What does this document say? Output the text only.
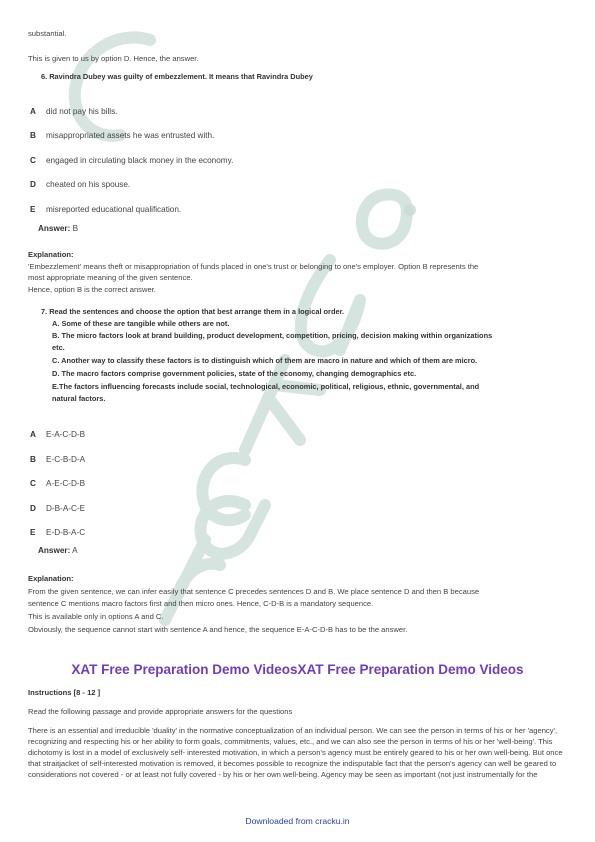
substantial.
This is given to us by option D. Hence, the answer.
6. Ravindra Dubey was guilty of embezzlement. It means that Ravindra Dubey
A did not pay his bills.
B misappropriated assets he was entrusted with.
C engaged in circulating black money in the economy.
D cheated on his spouse.
E misreported educational qualification.
Answer: B
Explanation:
'Embezzlement' means theft or misappropriation of funds placed in one's trust or belonging to one's employer. Option B represents the
most appropriate meaning of the given sentence.
Hence, option B is the correct answer.
7. Read the sentences and choose the option that best arrange them in a logical order.
A. Some of these are tangible while others are not.
B. The micro factors look at brand building, product development, competition, pricing, decision making within organizations
etc.
C. Another way to classify these factors is to distinguish which of them are macro in nature and which of them are micro.
D. The macro factors comprise government policies, state of the economy, changing demographics etc.
E.The factors influencing forecasts include social, technological, economic, political, religious, ethnic, governmental, and
natural factors.
A E-A-C-D-B
B E-C-B-D-A
C A-E-C-D-B
D D-B-A-C-E
E E-D-B-A-C
Answer: A
Explanation:
From the given sentence, we can infer easily that sentence C precedes sentences D and B. We place sentence D and then B because
sentence C mentions macro factors first and then micro ones. Hence, C-D-B is a mandatory sequence.
This is available only in options A and C.
Obviously, the sequence cannot start with sentence A and hence, the sequence E-A-C-D-B has to be the answer.
XAT Free Preparation Demo VideosXAT Free Preparation Demo Videos
Instructions [8 - 12 ]
Read the following passage and provide appropriate answers for the questions
There is an essential and irreducible 'duality' in the normative conceptualization of an individual person. We can see the person in terms of his or her 'agency', recognizing and respecting his or her ability to form goals, commitments, values, etc., and we can also see the person in terms of his or her 'well-being'. This dichotomy is lost in a model of exclusively self- interested motivation, in which a person's agency must be entirely geared to his or her own well-being. But once that straitjacket of self-interested motivation is removed, it becomes possible to recognize the indisputable fact that the person's agency can well be geared to considerations not covered - or at least not fully covered - by his or her own well-being. Agency may be seen as important (not just instrumentally for the
Downloaded from cracku.in
